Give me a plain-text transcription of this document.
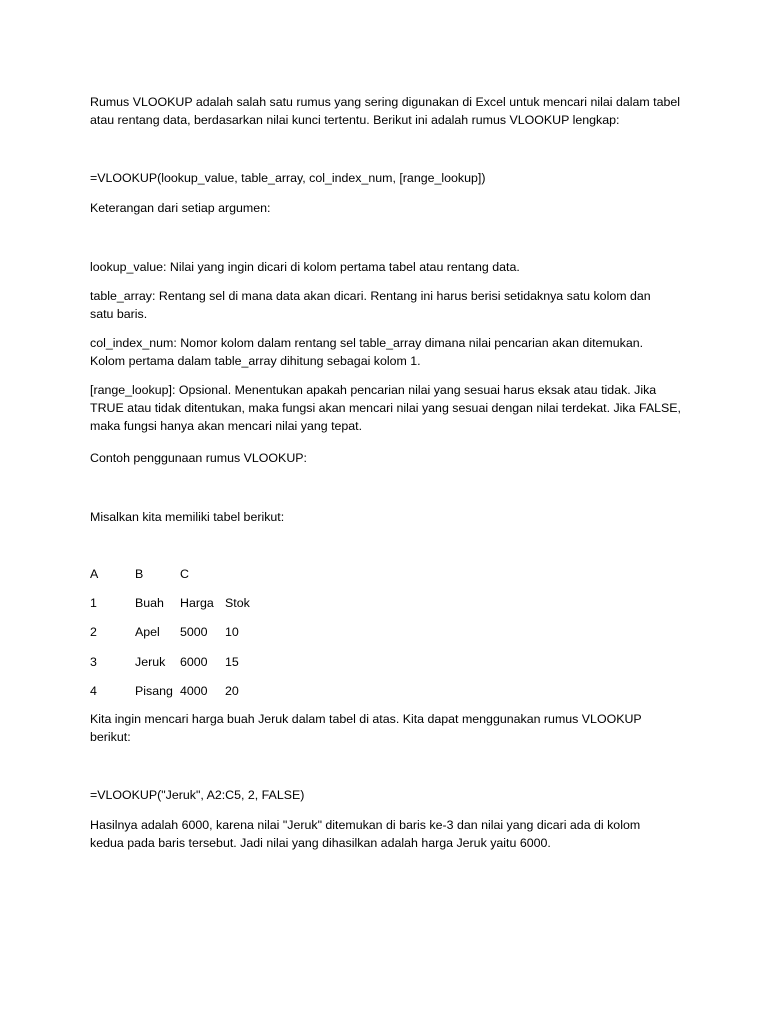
Rumus VLOOKUP adalah salah satu rumus yang sering digunakan di Excel untuk mencari nilai dalam tabel
atau rentang data, berdasarkan nilai kunci tertentu. Berikut ini adalah rumus VLOOKUP lengkap:

=VLOOKUP(lookup_value, table_array, col_index_num, [range_lookup])

Keterangan dari setiap argumen:

lookup_value: Nilai yang ingin dicari di kolom pertama tabel atau rentang data.

table_array: Rentang sel di mana data akan dicari. Rentang ini harus berisi setidaknya satu kolom dan
satu baris.

col_index_num: Nomor kolom dalam rentang sel table_array dimana nilai pencarian akan ditemukan.
Kolom pertama dalam table_array dihitung sebagai kolom 1.

[range_lookup]: Opsional. Menentukan apakah pencarian nilai yang sesuai harus eksak atau tidak. Jika
TRUE atau tidak ditentukan, maka fungsi akan mencari nilai yang sesuai dengan nilai terdekat. Jika FALSE,
maka fungsi hanya akan mencari nilai yang tepat.

Contoh penggunaan rumus VLOOKUP:

Misalkan kita memiliki tabel berikut:

A	B	C
1	Buah Harga Stok
2	Apel 5000 10
3	Jeruk 6000 15
4	Pisang 4000 20

Kita ingin mencari harga buah Jeruk dalam tabel di atas. Kita dapat menggunakan rumus VLOOKUP
berikut:

=VLOOKUP("Jeruk", A2:C5, 2, FALSE)

Hasilnya adalah 6000, karena nilai "Jeruk" ditemukan di baris ke-3 dan nilai yang dicari ada di kolom
kedua pada baris tersebut. Jadi nilai yang dihasilkan adalah harga Jeruk yaitu 6000.
